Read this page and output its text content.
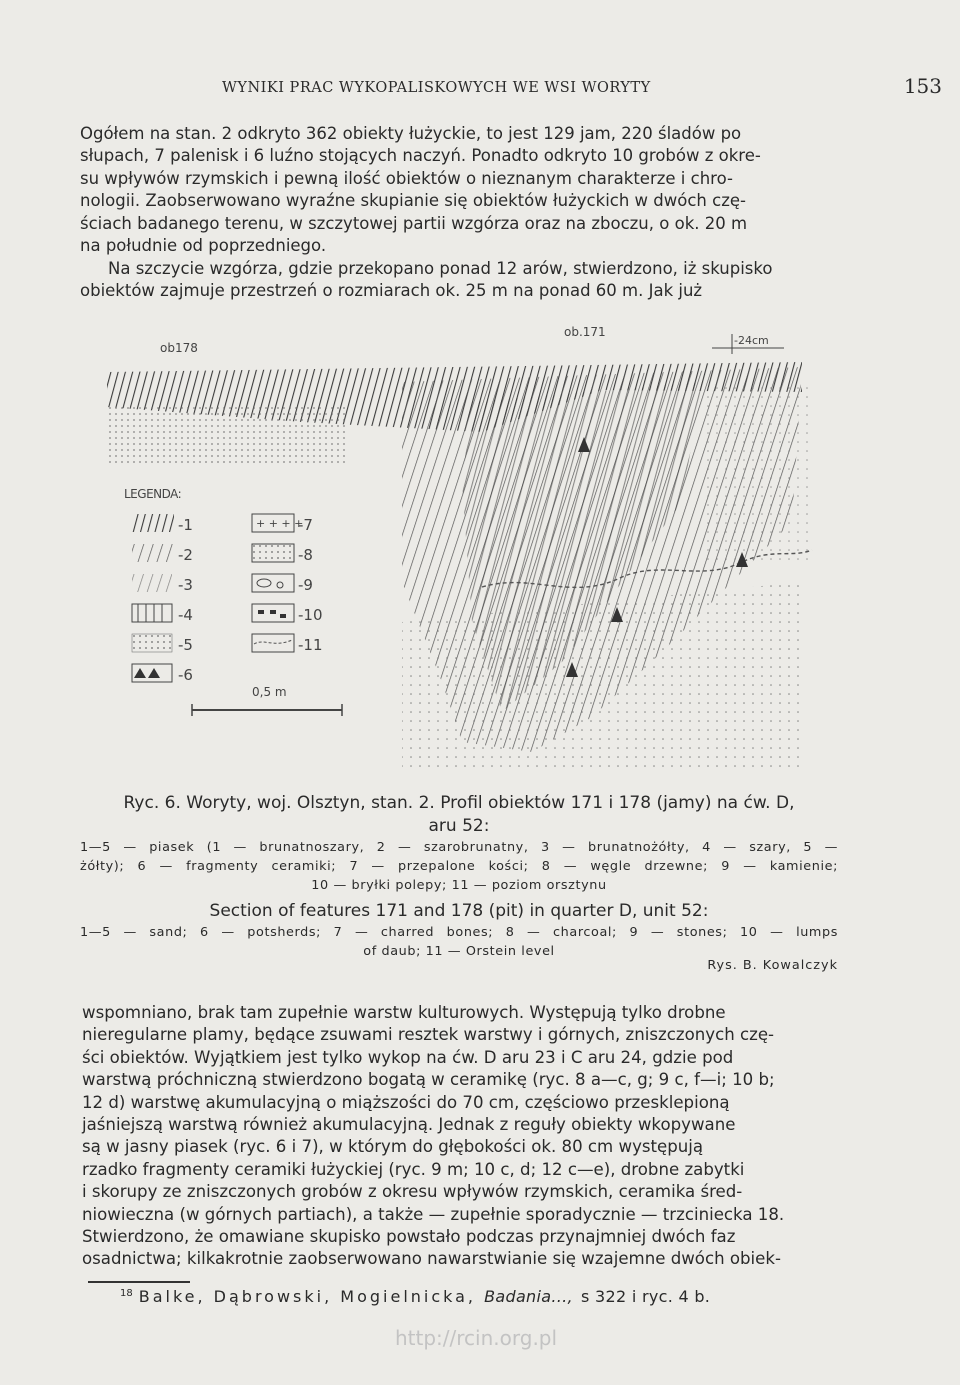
WYNIKI PRAC WYKOPALISKOWYCH WE WSI WORYTY	153
Ogółem na stan. 2 odkryto 362 obiekty łużyckie, to jest 129 jam, 220 śladów po
słupach, 7 palenisk i 6 luźno stojących naczyń. Ponadto odkryto 10 grobów z okre-
su wpływów rzymskich i pewną ilość obiektów o nieznanym charakterze i chro-
nologii. Zaobserwowano wyraźne skupianie się obiektów łużyckich w dwóch czę-
ściach badanego terenu, w szczytowej partii wzgórza oraz na zboczu, o ok. 20 m
na południe od poprzedniego.
Na szczycie wzgórza, gdzie przekopano ponad 12 arów, stwierdzono, iż skupisko
obiektów zajmuje przestrzeń o rozmiarach ok. 25 m na ponad 60 m. Jak już
ob178
ob.171
-24cm
LEGENDA:
-1
-2
-3
-4
-5
-6
+ + + +
-7
-8
-9
-10
-11
0,5 m
Ryc. 6. Woryty, woj. Olsztyn, stan. 2. Profil obiektów 171 i 178 (jamy) na ćw. D,
aru 52:
1—5 — piasek (1 — brunatnoszary, 2 — szarobrunatny, 3 — brunatnożółty, 4 — szary, 5 —
żółty); 6 — fragmenty ceramiki; 7 — przepalone kości; 8 — węgle drzewne; 9 — kamienie;
10 — bryłki polepy; 11 — poziom orsztynu
Section of features 171 and 178 (pit) in quarter D, unit 52:
1—5 — sand; 6 — potsherds; 7 — charred bones; 8 — charcoal; 9 — stones; 10 — lumps
of daub; 11 — Orstein level
Rys. B. Kowalczyk
wspomniano, brak tam zupełnie warstw kulturowych. Występują tylko drobne
nieregularne plamy, będące zsuwami resztek warstwy i górnych, zniszczonych czę-
ści obiektów. Wyjątkiem jest tylko wykop na ćw. D aru 23 i C aru 24, gdzie pod
warstwą próchniczną stwierdzono bogatą w ceramikę (ryc. 8 a—c, g; 9 c, f—i; 10 b;
12 d) warstwę akumulacyjną o miąższości do 70 cm, częściowo przesklepioną
jaśniejszą warstwą również akumulacyjną. Jednak z reguły obiekty wkopywane
są w jasny piasek (ryc. 6 i 7), w którym do głębokości ok. 80 cm występują
rzadko fragmenty ceramiki łużyckiej (ryc. 9 m; 10 c, d; 12 c—e), drobne zabytki
i skorupy ze zniszczonych grobów z okresu wpływów rzymskich, ceramika śred-
niowieczna (w górnych partiach), a także — zupełnie sporadycznie — trzciniecka 18.
Stwierdzono, że omawiane skupisko powstało podczas przynajmniej dwóch faz
osadnictwa; kilkakrotnie zaobserwowano nawarstwianie się wzajemne dwóch obiek-
$^{18}$ Balke, Dąbrowski, Mogielnicka, Badania..., s 322 i ryc. 4 b.
http://rcin.org.pl
